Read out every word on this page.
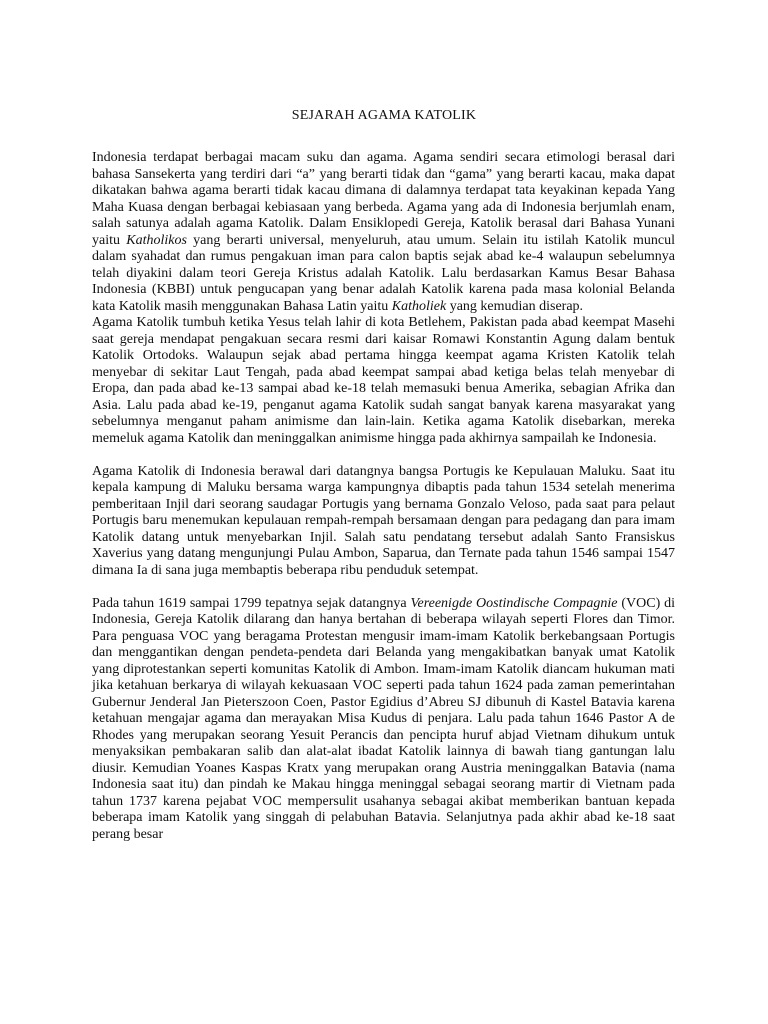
SEJARAH AGAMA KATOLIK

Indonesia terdapat berbagai macam suku dan agama. Agama sendiri secara etimologi berasal dari bahasa Sansekerta yang terdiri dari “a” yang berarti tidak dan “gama” yang berarti kacau, maka dapat dikatakan bahwa agama berarti tidak kacau dimana di dalamnya terdapat tata keyakinan kepada Yang Maha Kuasa dengan berbagai kebiasaan yang berbeda. Agama yang ada di Indonesia berjumlah enam, salah satunya adalah agama Katolik. Dalam Ensiklopedi Gereja, Katolik berasal dari Bahasa Yunani yaitu Katholikos yang berarti universal, menyeluruh, atau umum. Selain itu istilah Katolik muncul dalam syahadat dan rumus pengakuan iman para calon baptis sejak abad ke-4 walaupun sebelumnya telah diyakini dalam teori Gereja Kristus adalah Katolik. Lalu berdasarkan Kamus Besar Bahasa Indonesia (KBBI) untuk pengucapan yang benar adalah Katolik karena pada masa kolonial Belanda kata Katolik masih menggunakan Bahasa Latin yaitu Katholiek yang kemudian diserap.

Agama Katolik tumbuh ketika Yesus telah lahir di kota Betlehem, Pakistan pada abad keempat Masehi saat gereja mendapat pengakuan secara resmi dari kaisar Romawi Konstantin Agung dalam bentuk Katolik Ortodoks. Walaupun sejak abad pertama hingga keempat agama Kristen Katolik telah menyebar di sekitar Laut Tengah, pada abad keempat sampai abad ketiga belas telah menyebar di Eropa, dan pada abad ke-13 sampai abad ke-18 telah memasuki benua Amerika, sebagian Afrika dan Asia. Lalu pada abad ke-19, penganut agama Katolik sudah sangat banyak karena masyarakat yang sebelumnya menganut paham animisme dan lain-lain. Ketika agama Katolik disebarkan, mereka memeluk agama Katolik dan meninggalkan animisme hingga pada akhirnya sampailah ke Indonesia.

Agama Katolik di Indonesia berawal dari datangnya bangsa Portugis ke Kepulauan Maluku. Saat itu kepala kampung di Maluku bersama warga kampungnya dibaptis pada tahun 1534 setelah menerima pemberitaan Injil dari seorang saudagar Portugis yang bernama Gonzalo Veloso, pada saat para pelaut Portugis baru menemukan kepulauan rempah-rempah bersamaan dengan para pedagang dan para imam Katolik datang untuk menyebarkan Injil. Salah satu pendatang tersebut adalah Santo Fransiskus Xaverius yang datang mengunjungi Pulau Ambon, Saparua, dan Ternate pada tahun 1546 sampai 1547 dimana Ia di sana juga membaptis beberapa ribu penduduk setempat.

Pada tahun 1619 sampai 1799 tepatnya sejak datangnya Vereenigde Oostindische Compagnie (VOC) di Indonesia, Gereja Katolik dilarang dan hanya bertahan di beberapa wilayah seperti Flores dan Timor. Para penguasa VOC yang beragama Protestan mengusir imam-imam Katolik berkebangsaan Portugis dan menggantikan dengan pendeta-pendeta dari Belanda yang mengakibatkan banyak umat Katolik yang diprotestankan seperti komunitas Katolik di Ambon. Imam-imam Katolik diancam hukuman mati jika ketahuan berkarya di wilayah kekuasaan VOC seperti pada tahun 1624 pada zaman pemerintahan Gubernur Jenderal Jan Pieterszoon Coen, Pastor Egidius d’Abreu SJ dibunuh di Kastel Batavia karena ketahuan mengajar agama dan merayakan Misa Kudus di penjara. Lalu pada tahun 1646 Pastor A de Rhodes yang merupakan seorang Yesuit Perancis dan pencipta huruf abjad Vietnam dihukum untuk menyaksikan pembakaran salib dan alat-alat ibadat Katolik lainnya di bawah tiang gantungan lalu diusir. Kemudian Yoanes Kaspas Kratx yang merupakan orang Austria meninggalkan Batavia (nama Indonesia saat itu) dan pindah ke Makau hingga meninggal sebagai seorang martir di Vietnam pada tahun 1737 karena pejabat VOC mempersulit usahanya sebagai akibat memberikan bantuan kepada beberapa imam Katolik yang singgah di pelabuhan Batavia. Selanjutnya pada akhir abad ke-18 saat perang besar
